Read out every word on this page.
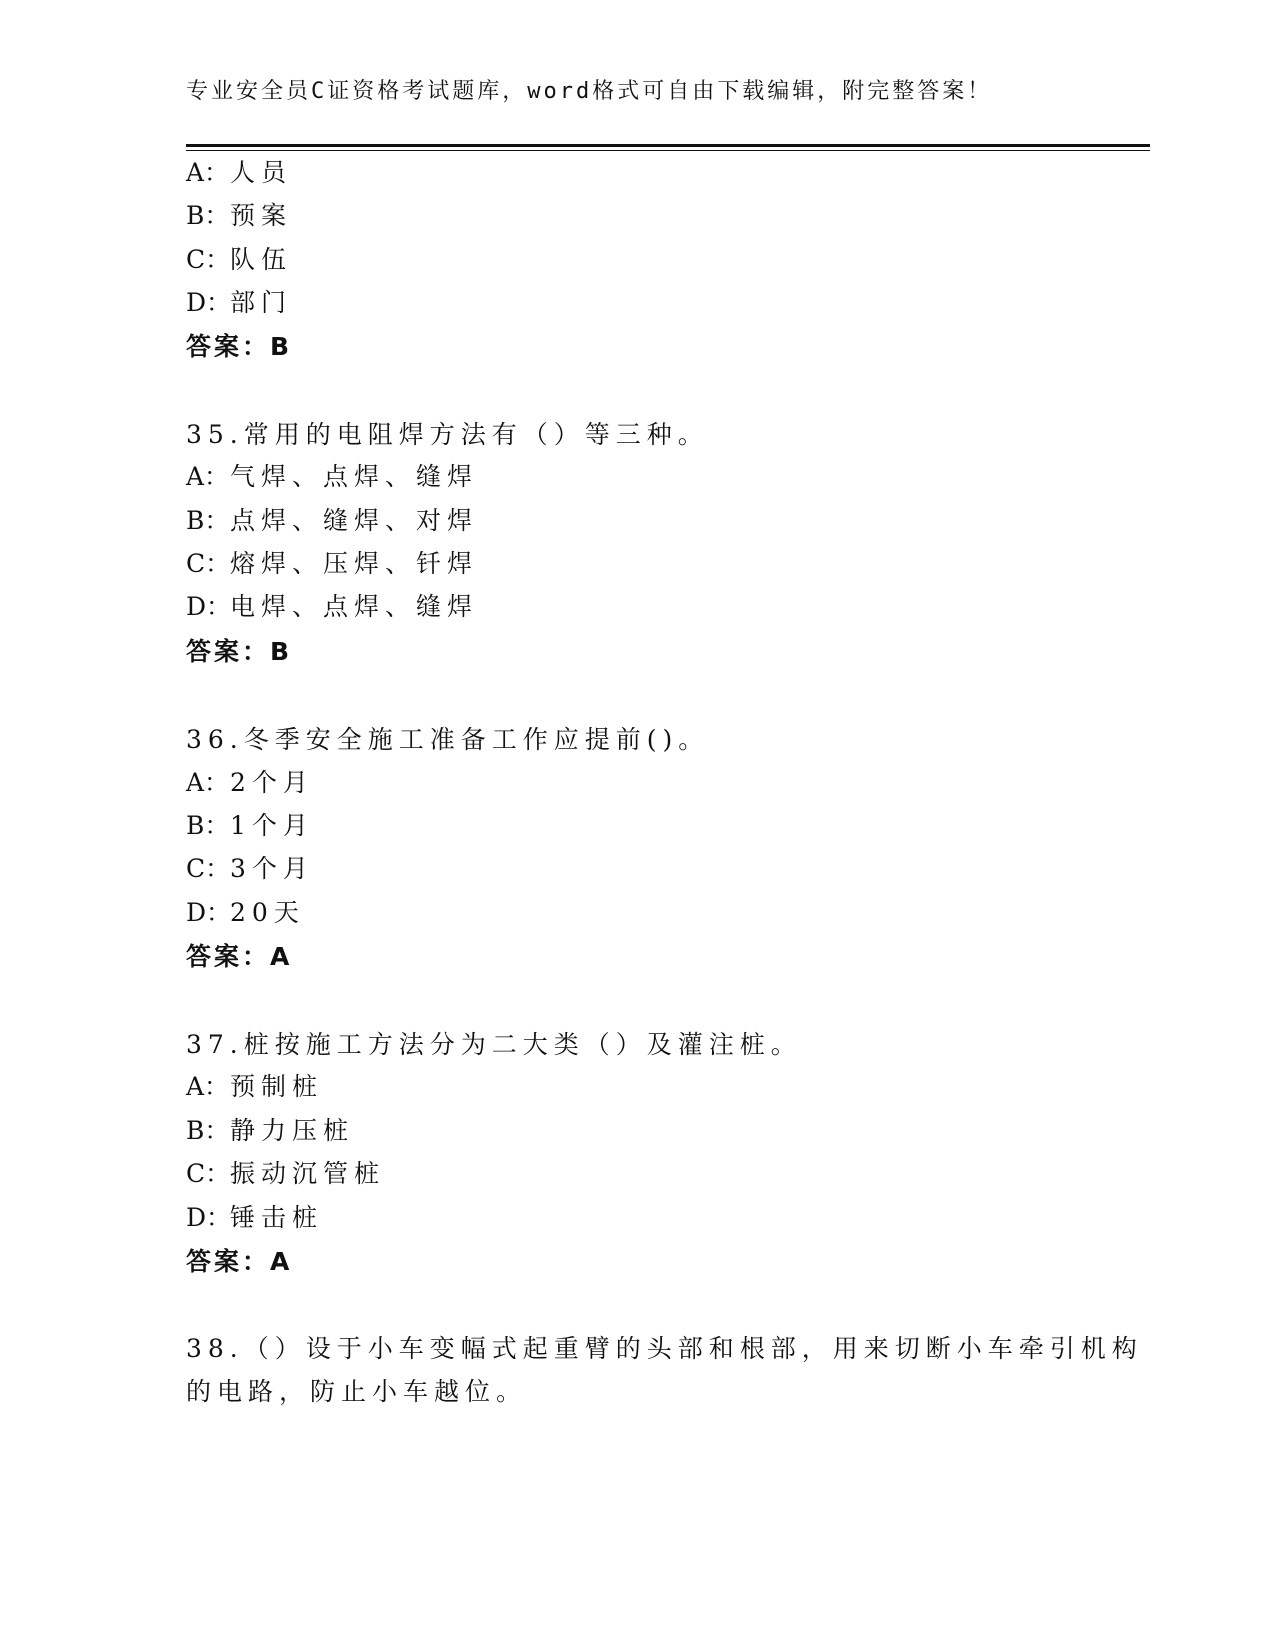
专业安全员C证资格考试题库，word格式可自由下载编辑，附完整答案！
A：人员
B：预案
C：队伍
D：部门
答案：B
35.常用的电阻焊方法有（）等三种。
A：气焊、点焊、缝焊
B：点焊、缝焊、对焊
C：熔焊、压焊、钎焊
D：电焊、点焊、缝焊
答案：B
36.冬季安全施工准备工作应提前()。
A：2个月
B：1个月
C：3个月
D：20天
答案：A
37.桩按施工方法分为二大类（）及灌注桩。
A：预制桩
B：静力压桩
C：振动沉管桩
D：锤击桩
答案：A
38.（）设于小车变幅式起重臂的头部和根部，用来切断小车牵引机构
的电路，防止小车越位。
